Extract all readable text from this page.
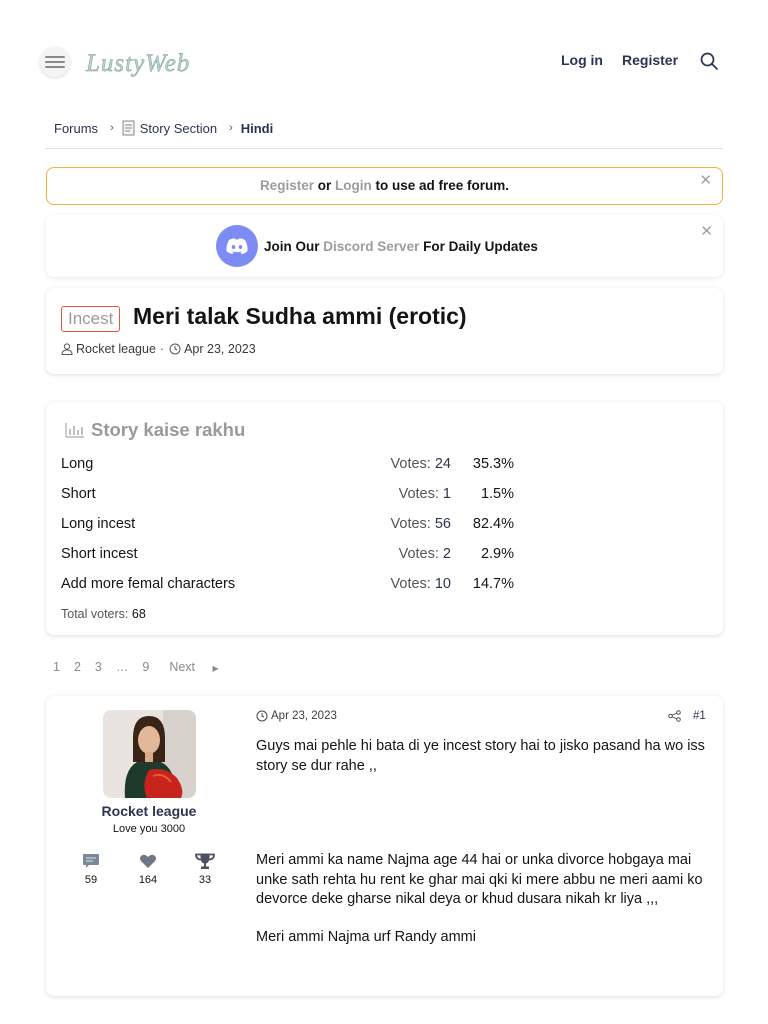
LustyWeb	Log in Register
Forums › Story Section › Hindi
Register or Login to use ad free forum.	✕
Join Our
Discord Server
For Daily Updates
✕
Incest Meri talak Sudha ammi (erotic)
Rocket league · Apr 23, 2023
Story kaise rakhu
Long	Votes: 24 35.3%
Short	Votes: 1 1.5%
Long incest	Votes: 56 82.4%
Short incest	Votes: 2 2.9%
Add more femal characters	Votes: 10 14.7%
Total voters: 68
1 2 3 … 9 Next ▶
Rocket league
Love you 3000
59	164	33
Apr 23, 2023	#1

Guys mai pehle hi bata di ye incest story hai to jisko pasand ha wo iss story se dur rahe ,,

Meri ammi ka name Najma age 44 hai or unka divorce hobgaya mai unke sath rehta hu rent ke ghar mai qki ki mere abbu ne meri aami ko devorce deke gharse nikal deya or khud dusara nikah kr liya ,,,

Meri ammi Najma urf Randy ammi
